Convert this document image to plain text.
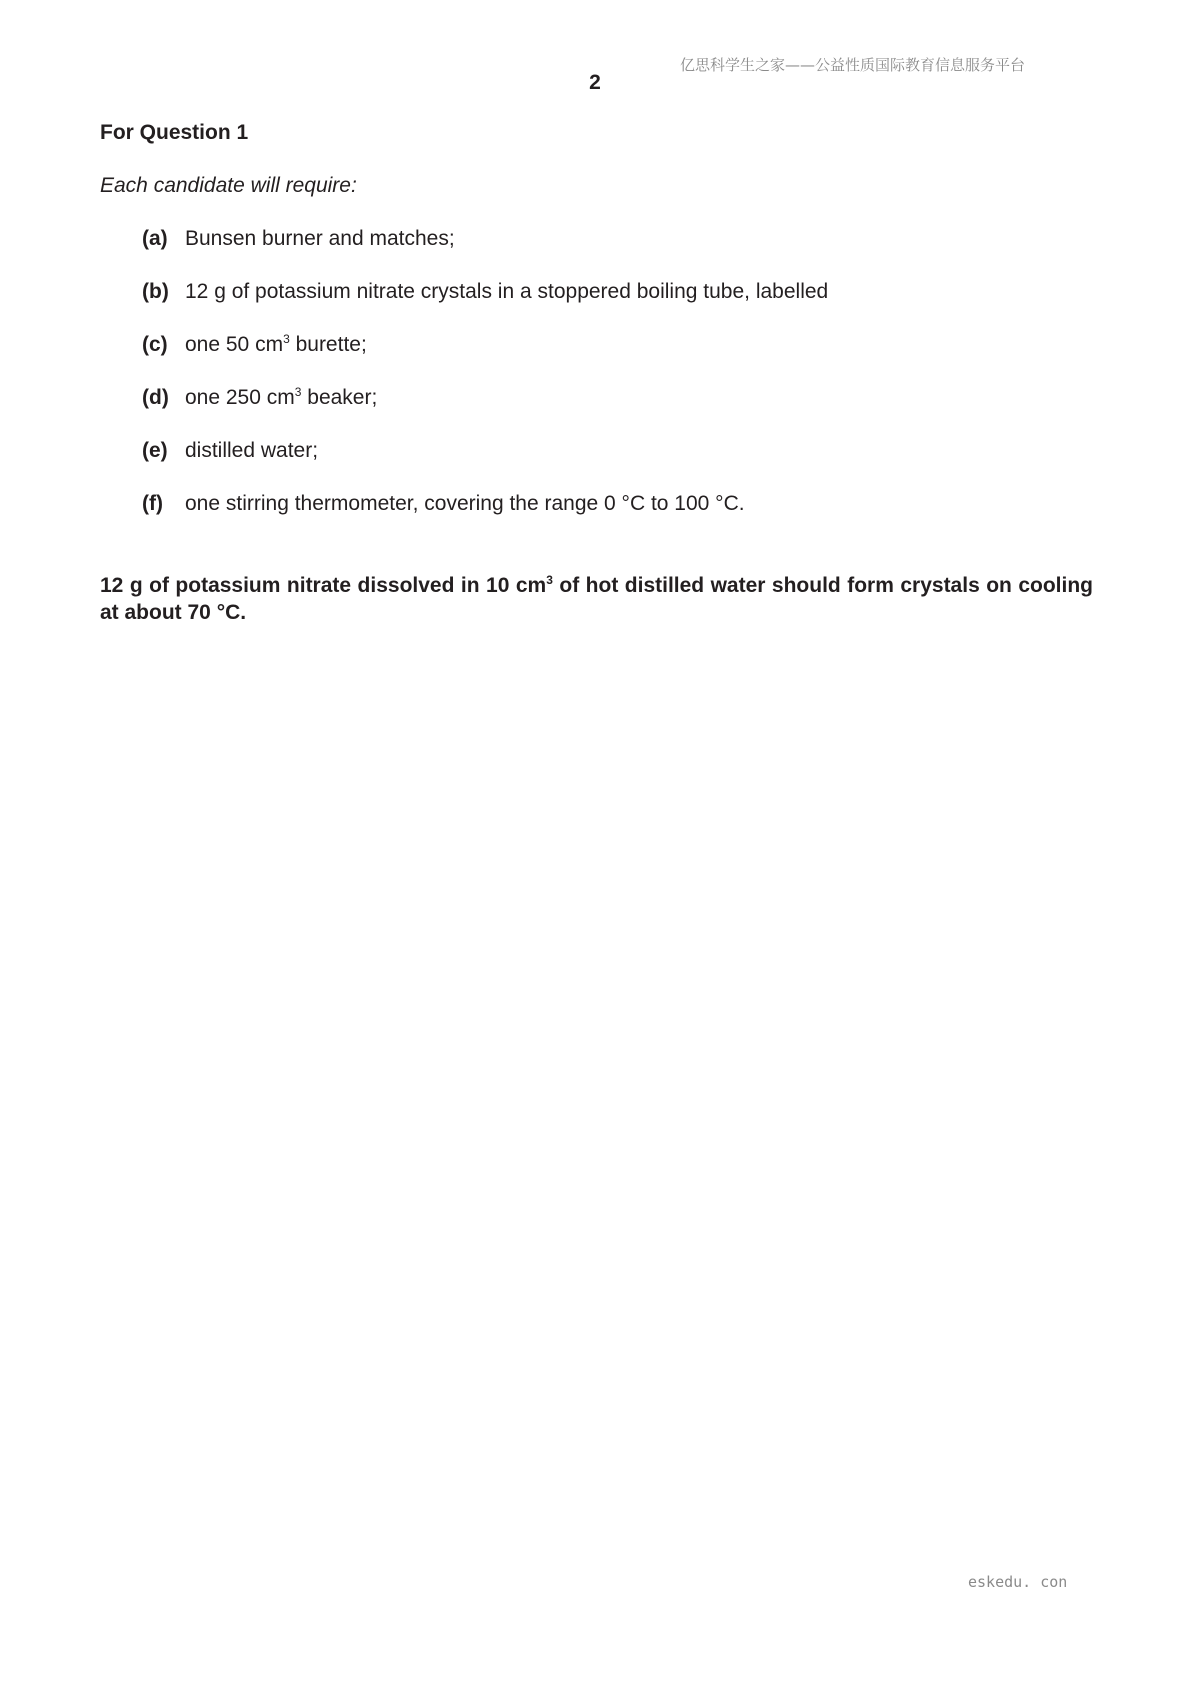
亿思科学生之家——公益性质国际教育信息服务平台
2
For Question 1
Each candidate will require:
(a) Bunsen burner and matches;
(b) 12 g of potassium nitrate crystals in a stoppered boiling tube, labelled
(c) one 50 $cm^3$ burette;
(d) one 250 $cm^3$ beaker;
(e) distilled water;
(f) one stirring thermometer, covering the range 0 °C to 100 °C.
12 g of potassium nitrate dissolved in 10 $cm^3$ of hot distilled water should form crystals on cooling at about 70 °C.
eskedu. con
